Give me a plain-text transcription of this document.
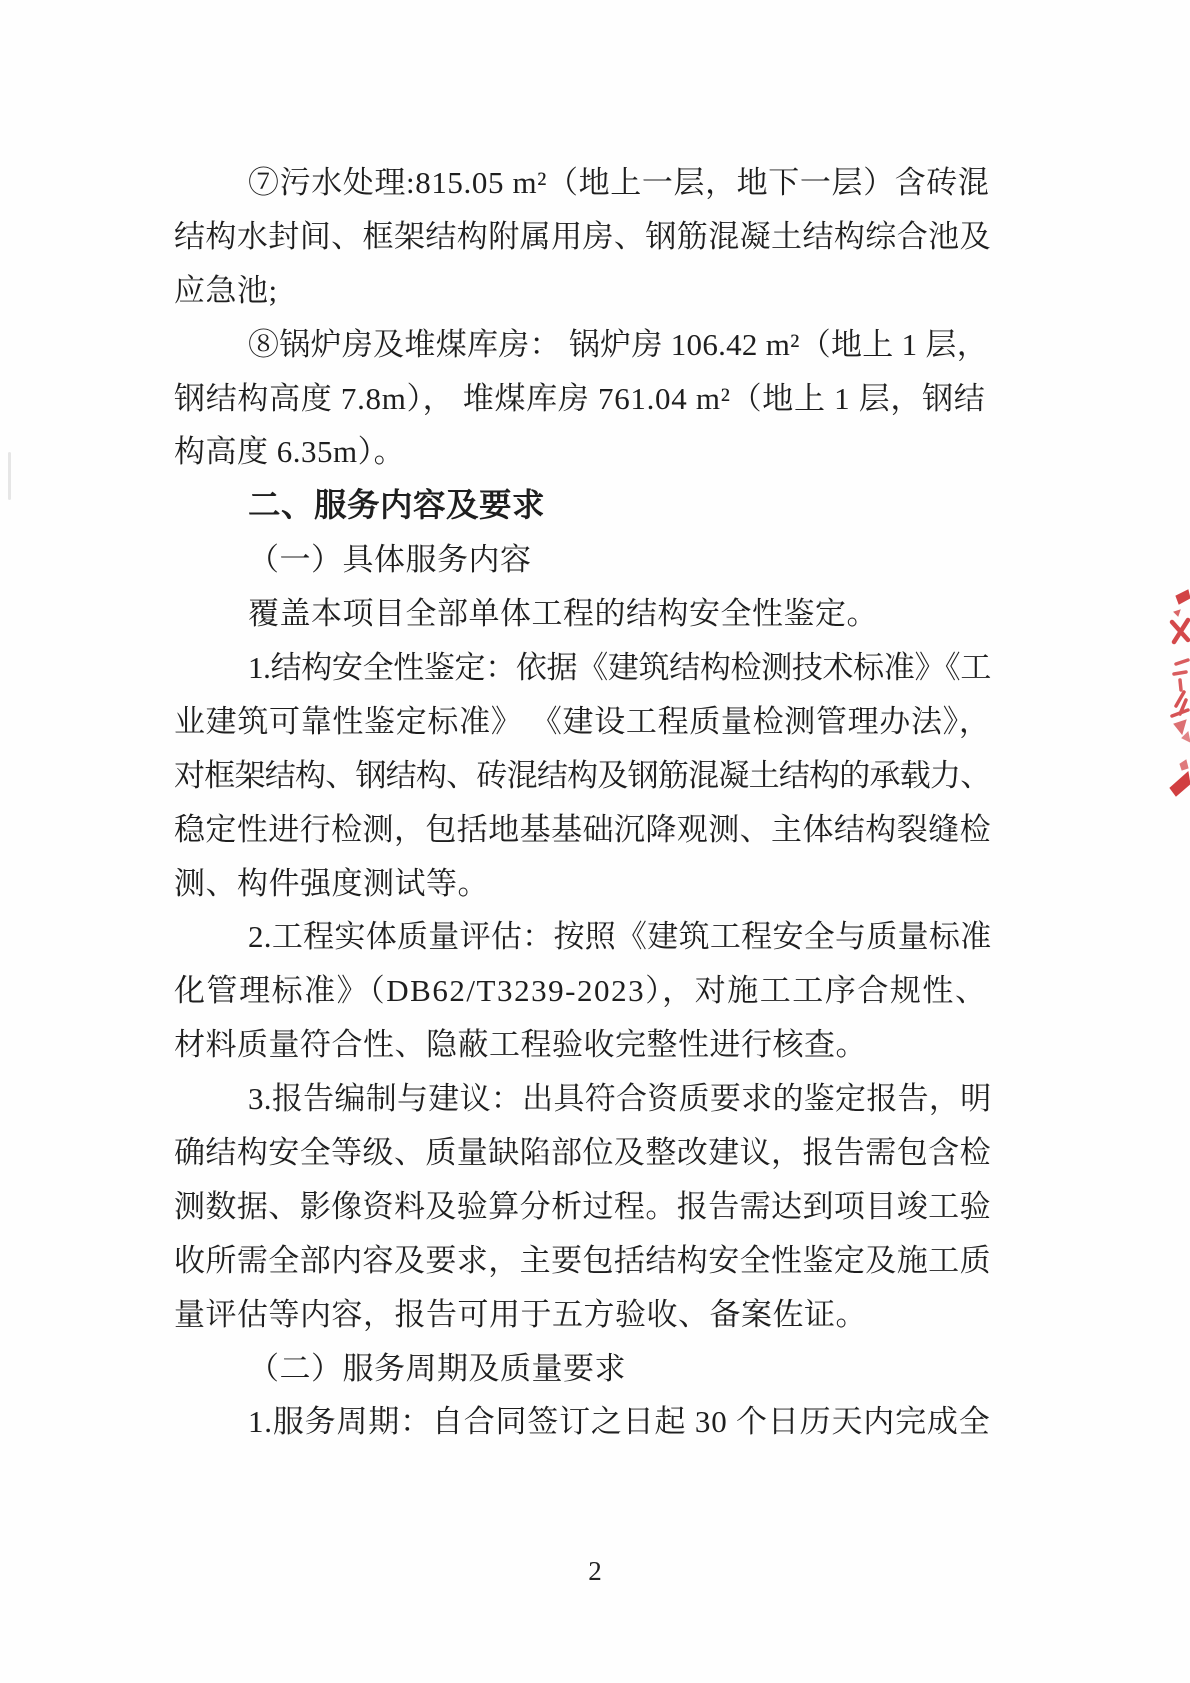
⑦污水处理:815.05 m²（地上一层，地下一层）含砖混
结构水封间、框架结构附属用房、钢筋混凝土结构综合池及
应急池;
⑧锅炉房及堆煤库房： 锅炉房 106.42 m²（地上 1 层，
钢结构高度 7.8m）， 堆煤库房 761.04 m²（地上 1 层，钢结
构高度 6.35m）。
二、服务内容及要求
（一）具体服务内容
覆盖本项目全部单体工程的结构安全性鉴定。
1.结构安全性鉴定：依据《建筑结构检测技术标准》《工
业建筑可靠性鉴定标准》 《建设工程质量检测管理办法》，
对框架结构、钢结构、砖混结构及钢筋混凝土结构的承载力、
稳定性进行检测，包括地基基础沉降观测、主体结构裂缝检
测、构件强度测试等。
2.工程实体质量评估：按照《建筑工程安全与质量标准
化管理标准》（DB62/T3239-2023），对施工工序合规性、
材料质量符合性、隐蔽工程验收完整性进行核查。
3.报告编制与建议：出具符合资质要求的鉴定报告，明
确结构安全等级、质量缺陷部位及整改建议，报告需包含检
测数据、影像资料及验算分析过程。报告需达到项目竣工验
收所需全部内容及要求，主要包括结构安全性鉴定及施工质
量评估等内容，报告可用于五方验收、备案佐证。
（二）服务周期及质量要求
1.服务周期：自合同签订之日起 30 个日历天内完成全
2
